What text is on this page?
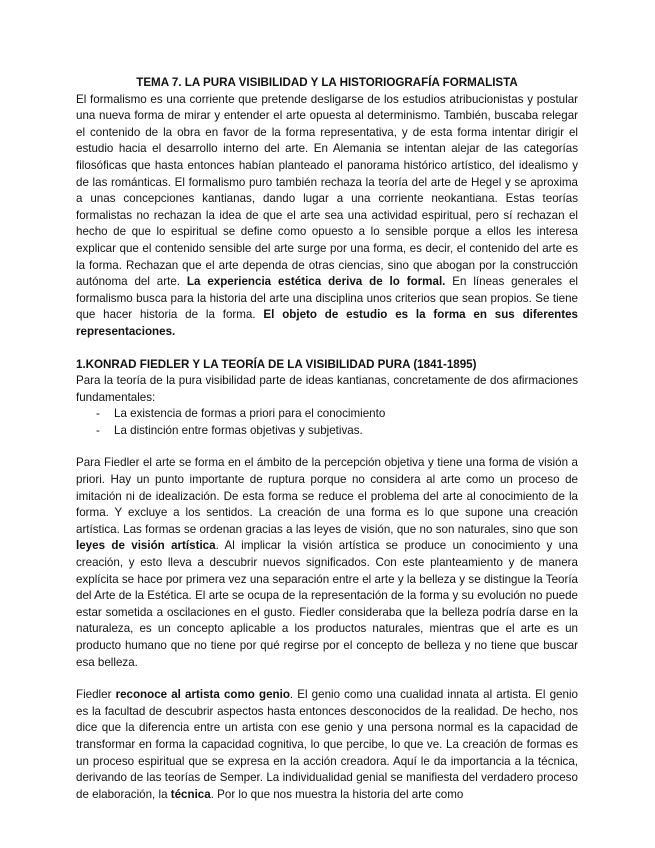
TEMA 7. LA PURA VISIBILIDAD Y LA HISTORIOGRAFÍA FORMALISTA

El formalismo es una corriente que pretende desligarse de los estudios atribucionistas y postular una nueva forma de mirar y entender el arte opuesta al determinismo. También, buscaba relegar el contenido de la obra en favor de la forma representativa, y de esta forma intentar dirigir el estudio hacia el desarrollo interno del arte. En Alemania se intentan alejar de las categorías filosóficas que hasta entonces habían planteado el panorama histórico artístico, del idealismo y de las románticas. El formalismo puro también rechaza la teoría del arte de Hegel y se aproxima a unas concepciones kantianas, dando lugar a una corriente neokantiana. Estas teorías formalistas no rechazan la idea de que el arte sea una actividad espiritual, pero sí rechazan el hecho de que lo espiritual se define como opuesto a lo sensible porque a ellos les interesa explicar que el contenido sensible del arte surge por una forma, es decir, el contenido del arte es la forma. Rechazan que el arte dependa de otras ciencias, sino que abogan por la construcción autónoma del arte. La experiencia estética deriva de lo formal. En líneas generales el formalismo busca para la historia del arte una disciplina unos criterios que sean propios. Se tiene que hacer historia de la forma. El objeto de estudio es la forma en sus diferentes representaciones.

1.KONRAD FIEDLER Y LA TEORÍA DE LA VISIBILIDAD PURA (1841-1895)

Para la teoría de la pura visibilidad parte de ideas kantianas, concretamente de dos afirmaciones fundamentales:

- La existencia de formas a priori para el conocimiento
- La distinción entre formas objetivas y subjetivas.

Para Fiedler el arte se forma en el ámbito de la percepción objetiva y tiene una forma de visión a priori. Hay un punto importante de ruptura porque no considera al arte como un proceso de imitación ni de idealización. De esta forma se reduce el problema del arte al conocimiento de la forma. Y excluye a los sentidos. La creación de una forma es lo que supone una creación artística. Las formas se ordenan gracias a las leyes de visión, que no son naturales, sino que son leyes de visión artística. Al implicar la visión artística se produce un conocimiento y una creación, y esto lleva a descubrir nuevos significados. Con este planteamiento y de manera explícita se hace por primera vez una separación entre el arte y la belleza y se distingue la Teoría del Arte de la Estética. El arte se ocupa de la representación de la forma y su evolución no puede estar sometida a oscilaciones en el gusto. Fiedler consideraba que la belleza podría darse en la naturaleza, es un concepto aplicable a los productos naturales, mientras que el arte es un producto humano que no tiene por qué regirse por el concepto de belleza y no tiene que buscar esa belleza.

Fiedler reconoce al artista como genio. El genio como una cualidad innata al artista. El genio es la facultad de descubrir aspectos hasta entonces desconocidos de la realidad. De hecho, nos dice que la diferencia entre un artista con ese genio y una persona normal es la capacidad de transformar en forma la capacidad cognitiva, lo que percibe, lo que ve. La creación de formas es un proceso espiritual que se expresa en la acción creadora. Aquí le da importancia a la técnica, derivando de las teorías de Semper. La individualidad genial se manifiesta del verdadero proceso de elaboración, la técnica. Por lo que nos muestra la historia del arte como
